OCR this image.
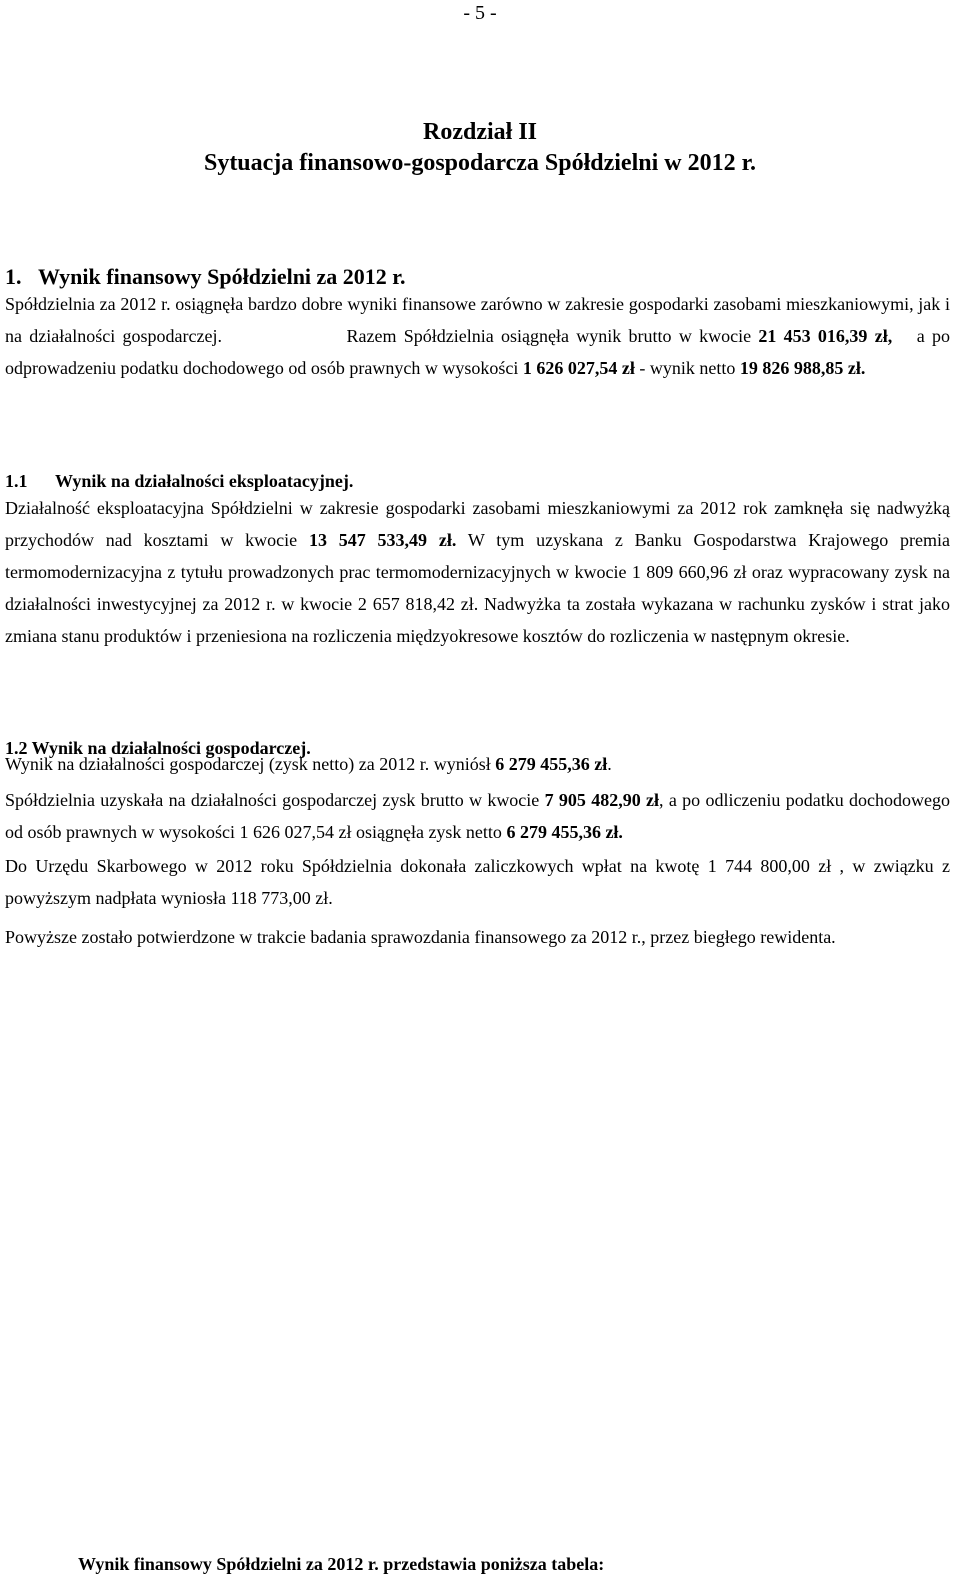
- 5 -
Rozdział II
Sytuacja finansowo-gospodarcza Spółdzielni w 2012 r.
1. Wynik finansowy Spółdzielni za 2012 r.
Spółdzielnia za 2012 r. osiągnęła bardzo dobre wyniki finansowe zarówno w zakresie gospodarki zasobami mieszkaniowymi, jak i na działalności gospodarczej.	Razem Spółdzielnia osiągnęła wynik brutto w kwocie 21 453 016,39 zł, a po odprowadzeniu podatku dochodowego od osób prawnych w wysokości 1 626 027,54 zł - wynik netto 19 826 988,85 zł.
1.1 Wynik na działalności eksploatacyjnej.
Działalność eksploatacyjna Spółdzielni w zakresie gospodarki zasobami mieszkaniowymi za 2012 rok zamknęła się nadwyżką przychodów nad kosztami w kwocie 13 547 533,49 zł. W tym uzyskana z Banku Gospodarstwa Krajowego premia termomodernizacyjna z tytułu prowadzonych prac termomodernizacyjnych w kwocie 1 809 660,96 zł oraz wypracowany zysk na działalności inwestycyjnej za 2012 r. w kwocie 2 657 818,42 zł. Nadwyżka ta została wykazana w rachunku zysków i strat jako zmiana stanu produktów i przeniesiona na rozliczenia międzyokresowe kosztów do rozliczenia w następnym okresie.
1.2 Wynik na działalności gospodarczej.
Wynik na działalności gospodarczej (zysk netto) za 2012 r. wyniósł 6 279 455,36 zł.
Spółdzielnia uzyskała na działalności gospodarczej zysk brutto w kwocie 7 905 482,90 zł, a po odliczeniu podatku dochodowego od osób prawnych w wysokości 1 626 027,54 zł osiągnęła zysk netto 6 279 455,36 zł.
Do Urzędu Skarbowego w 2012 roku Spółdzielnia dokonała zaliczkowych wpłat na kwotę 1 744 800,00 zł , w związku z powyższym nadpłata wyniosła 118 773,00 zł.
Powyższe zostało potwierdzone w trakcie badania sprawozdania finansowego za 2012 r., przez biegłego rewidenta.
Wynik finansowy Spółdzielni za 2012 r. przedstawia poniższa tabela:
